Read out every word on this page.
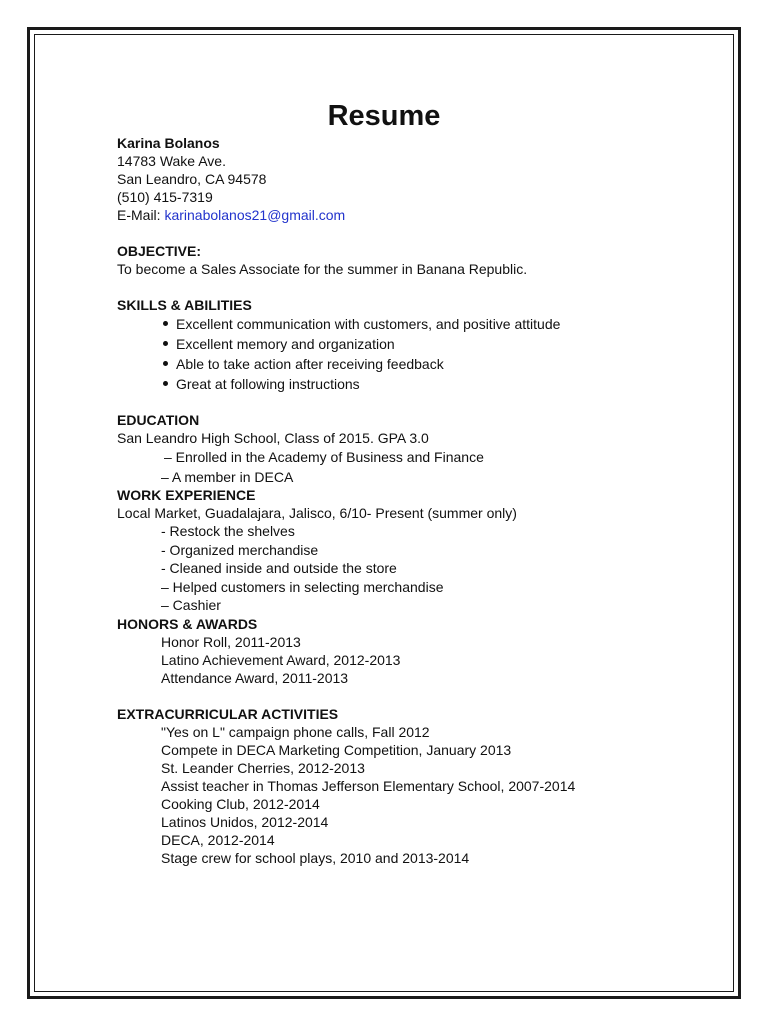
Resume
Karina Bolanos
14783 Wake Ave.
San Leandro, CA 94578
(510) 415-7319
E-Mail: karinabolanos21@gmail.com
OBJECTIVE:
To become a Sales Associate for the summer in Banana Republic.
SKILLS & ABILITIES
Excellent communication with customers, and positive attitude
Excellent memory and organization
Able to take action after receiving feedback
Great at following instructions
EDUCATION
San Leandro High School, Class of 2015. GPA 3.0
– Enrolled in the Academy of Business and Finance
– A member in DECA
WORK EXPERIENCE
Local Market, Guadalajara, Jalisco, 6/10- Present (summer only)
- Restock the shelves
- Organized merchandise
- Cleaned inside and outside the store
– Helped customers in selecting merchandise
– Cashier
HONORS & AWARDS
Honor Roll, 2011-2013
Latino Achievement Award, 2012-2013
Attendance Award, 2011-2013
EXTRACURRICULAR ACTIVITIES
"Yes on L" campaign phone calls, Fall 2012
Compete in DECA Marketing Competition, January 2013
St. Leander Cherries, 2012-2013
Assist teacher in Thomas Jefferson Elementary School, 2007-2014
Cooking Club, 2012-2014
Latinos Unidos, 2012-2014
DECA, 2012-2014
Stage crew for school plays, 2010 and 2013-2014
